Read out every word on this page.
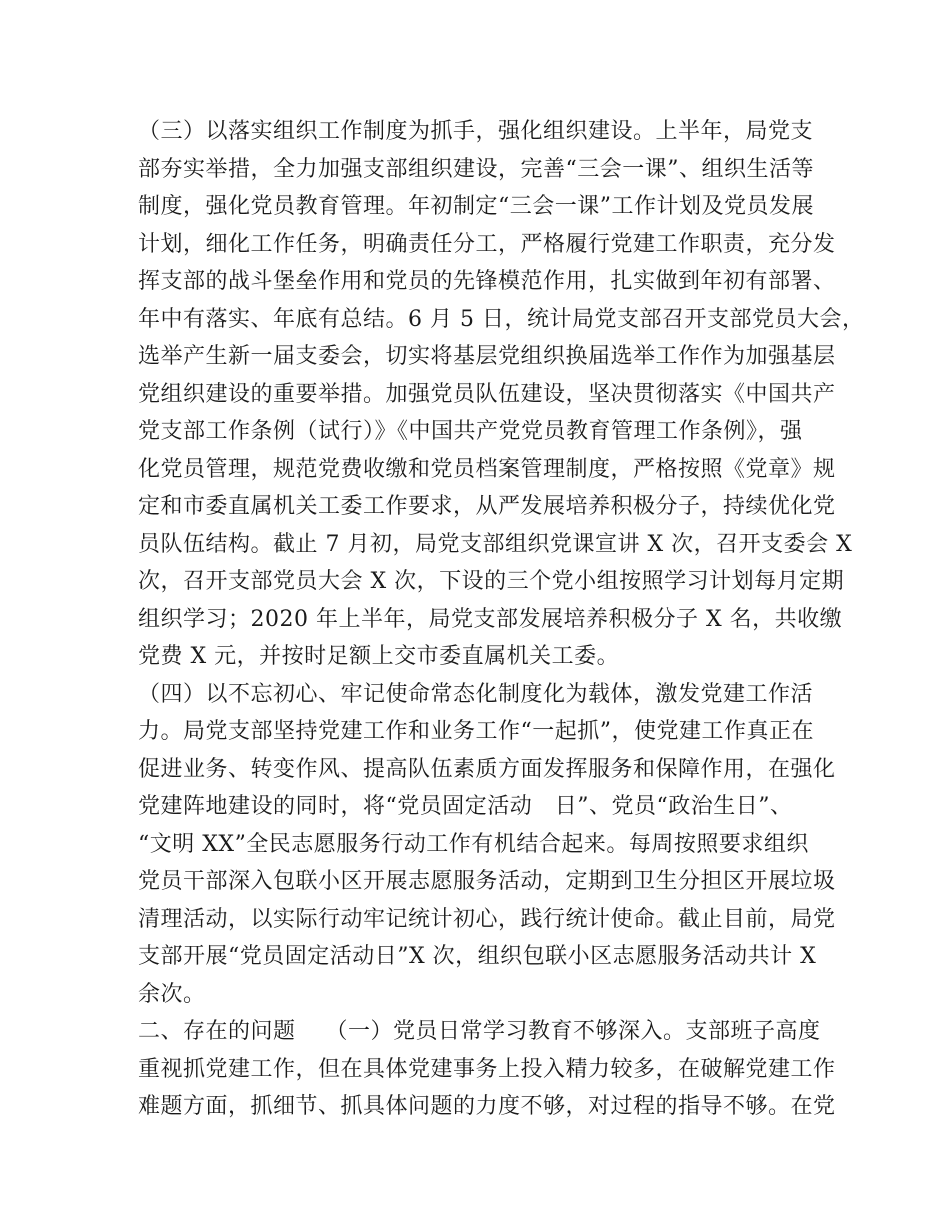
（三）以落实组织工作制度为抓手，强化组织建设。上半年，局党支
部夯实举措，全力加强支部组织建设，完善“三会一课”、组织生活等
制度，强化党员教育管理。年初制定“三会一课”工作计划及党员发展
计划，细化工作任务，明确责任分工，严格履行党建工作职责，充分发
挥支部的战斗堡垒作用和党员的先锋模范作用，扎实做到年初有部署、
年中有落实、年底有总结。6 月 5 日，统计局党支部召开支部党员大会，
选举产生新一届支委会，切实将基层党组织换届选举工作作为加强基层
党组织建设的重要举措。加强党员队伍建设，坚决贯彻落实《中国共产
党支部工作条例（试行）》《中国共产党党员教育管理工作条例》，强
化党员管理，规范党费收缴和党员档案管理制度，严格按照《党章》规
定和市委直属机关工委工作要求，从严发展培养积极分子，持续优化党
员队伍结构。截止 7 月初，局党支部组织党课宣讲 X 次，召开支委会 X
次，召开支部党员大会 X 次，下设的三个党小组按照学习计划每月定期
组织学习；2020 年上半年，局党支部发展培养积极分子 X 名，共收缴
党费 X 元，并按时足额上交市委直属机关工委。
（四）以不忘初心、牢记使命常态化制度化为载体，激发党建工作活
力。局党支部坚持党建工作和业务工作“一起抓”，使党建工作真正在
促进业务、转变作风、提高队伍素质方面发挥服务和保障作用，在强化
党建阵地建设的同时，将“党员固定活动　日”、党员“政治生日”、
“文明 XX”全民志愿服务行动工作有机结合起来。每周按照要求组织
党员干部深入包联小区开展志愿服务活动，定期到卫生分担区开展垃圾
清理活动，以实际行动牢记统计初心，践行统计使命。截止目前，局党
支部开展“党员固定活动日”X 次，组织包联小区志愿服务活动共计 X
余次。
二、存在的问题　 （一）党员日常学习教育不够深入。支部班子高度
重视抓党建工作，但在具体党建事务上投入精力较多，在破解党建工作
难题方面，抓细节、抓具体问题的力度不够，对过程的指导不够。在党
